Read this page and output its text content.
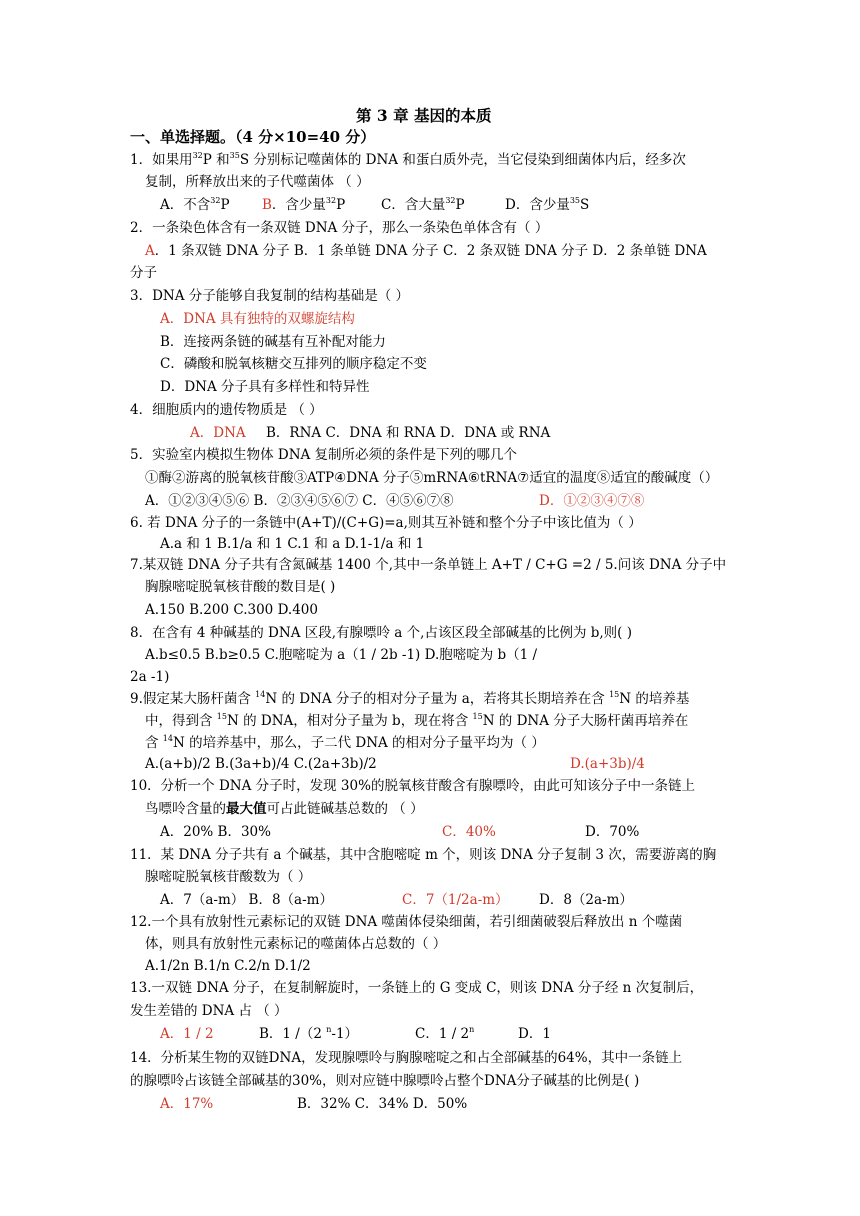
第 3 章 基因的本质
一、单选择题。（4 分×10=40 分）
1．如果用$^{32}$P 和$^{35}$S 分别标记噬菌体的 DNA 和蛋白质外壳，当它侵染到细菌体内后，经多次
复制，所释放出来的子代噬菌体 （ ）
A．不含$^{32}$P B．含少量$^{32}$P	C．含大量$^{32}$P	D．含少量$^{35}$S
2．一条染色体含有一条双链 DNA 分子，那么一条染色单体含有（ ）
A．1 条双链 DNA 分子 B．1 条单链 DNA 分子 C．2 条双链 DNA 分子 D．2 条单链 DNA
分子
3．DNA 分子能够自我复制的结构基础是（ ）
A．DNA 具有独特的双螺旋结构
B．连接两条链的碱基有互补配对能力
C．磷酸和脱氧核糖交互排列的顺序稳定不变
D．DNA 分子具有多样性和特异性
4．细胞质内的遗传物质是 （ ）
A．DNA B．RNA C．DNA 和 RNA D．DNA 或 RNA
5．实验室内模拟生物体 DNA 复制所必须的条件是下列的哪几个
①酶②游离的脱氧核苷酸③ATP④DNA 分子⑤mRNA⑥tRNA⑦适宜的温度⑧适宜的酸碱度（）
A．①②③④⑤⑥ B．②③④⑤⑥⑦ C．④⑤⑥⑦⑧	D．①②③④⑦⑧
6. 若 DNA 分子的一条链中(A+T)/(C+G)=a,则其互补链和整个分子中该比值为（ ）
A.a 和 1 B.1/a 和 1 C.1 和 a D.1-1/a 和 1
7.某双链 DNA 分子共有含氮碱基 1400 个,其中一条单链上 A+T / C+G =2 / 5.问该 DNA 分子中
胸腺嘧啶脱氧核苷酸的数目是( )
A.150 B.200 C.300 D.400
8．在含有 4 种碱基的 DNA 区段,有腺嘌呤 a 个,占该区段全部碱基的比例为 b,则( )
A.b≤0.5 B.b≥0.5 C.胞嘧啶为 a（1 / 2b -1) D.胞嘧啶为 b（1 /
2a -1)
9.假定某大肠杆菌含 $^{14}$N 的 DNA 分子的相对分子量为 a，若将其长期培养在含 $^{15}$N 的培养基
中，得到含 $^{15}$N 的 DNA，相对分子量为 b，现在将含 $^{15}$N 的 DNA 分子大肠杆菌再培养在
含 $^{14}$N 的培养基中，那么，子二代 DNA 的相对分子量平均为（ ）
A.(a+b)/2 B.(3a+b)/4 C.(2a+3b)/2	D.(a+3b)/4
10．分析一个 DNA 分子时，发现 30%的脱氧核苷酸含有腺嘌呤，由此可知该分子中一条链上
鸟嘌呤含量的最大值可占此链碱基总数的 （ ）
A．20% B．30%	C．40%	D．70%
11．某 DNA 分子共有 a 个碱基，其中含胞嘧啶 m 个，则该 DNA 分子复制 3 次，需要游离的胸
腺嘧啶脱氧核苷酸数为（ ）
A．7（a-m） B．8（a-m）	C．7（1/2a-m） D．8（2a-m）
12.一个具有放射性元素标记的双链 DNA 噬菌体侵染细菌，若引细菌破裂后释放出 n 个噬菌
体，则具有放射性元素标记的噬菌体占总数的（ ）
A.1/2n B.1/n C.2/n D.1/2
13.一双链 DNA 分子，在复制解旋时，一条链上的 G 变成 C，则该 DNA 分子经 n 次复制后，
发生差错的 DNA 占 （ ）
A．1 / 2	B．1 /（2 $^n$-1）	C．1 / 2$^n$	D．1
14．分析某生物的双链DNA，发现腺嘌呤与胸腺嘧啶之和占全部碱基的64%，其中一条链上
的腺嘌呤占该链全部碱基的30%，则对应链中腺嘌呤占整个DNA分子碱基的比例是( )
A．17%	B．32% C．34% D．50%
